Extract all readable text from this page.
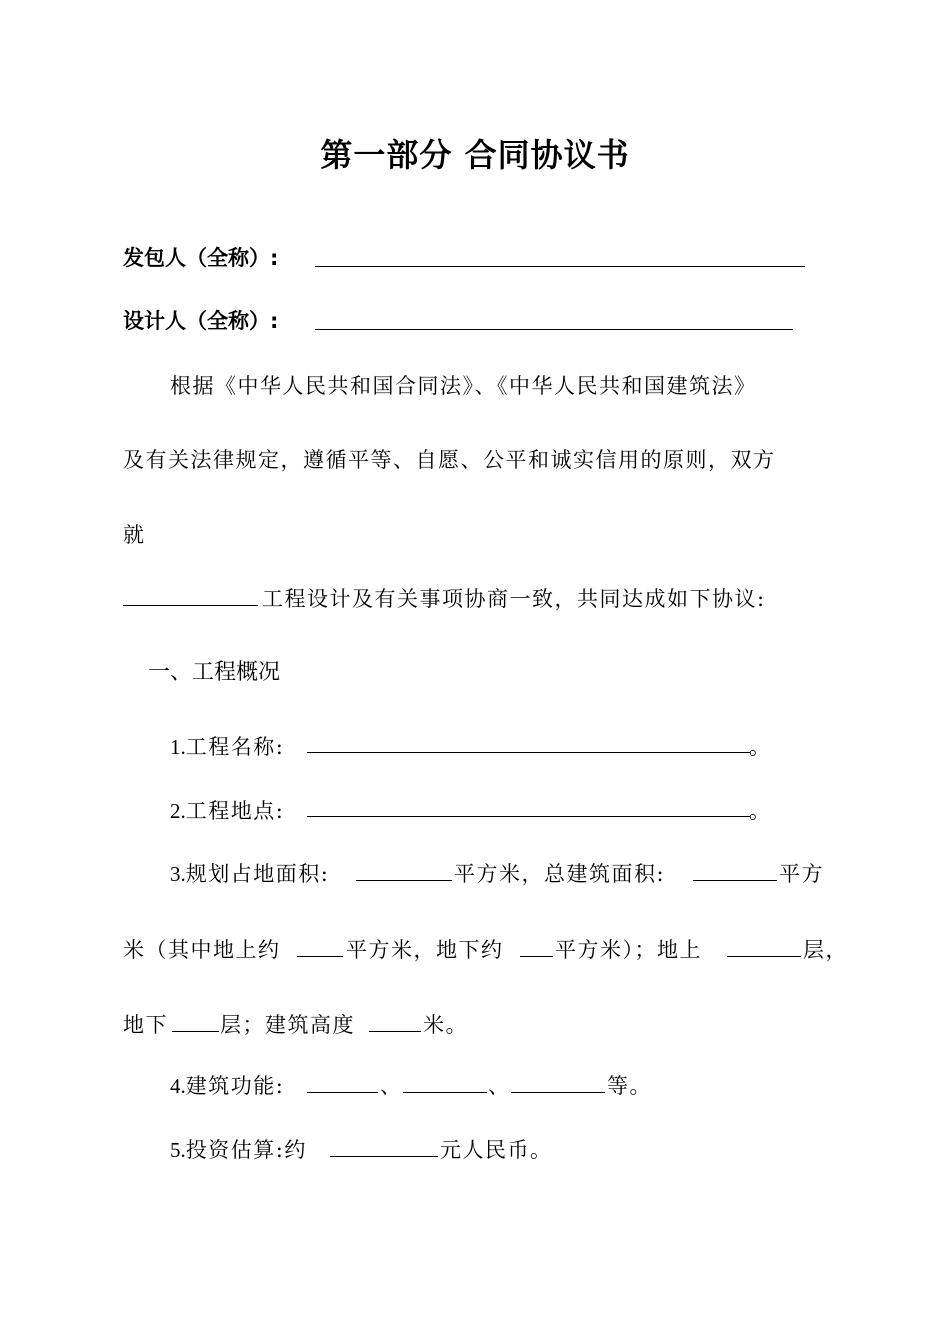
第一部分 合同协议书
发包人（全称）:
设计人（全称）:
根据《中华人民共和国合同法》、《中华人民共和国建筑法》
及有关法律规定，遵循平等、自愿、公平和诚实信用的原则，双方
就
工程设计及有关事项协商一致，共同达成如下协议:
一、工程概况
1.工程名称:	。
2.工程地点:	。
3.规划占地面积:	平方米，总建筑面积:	平方
米（其中地上约	平方米，地下约 平方米）；地上	层，
地下 层；建筑高度	米。
4.建筑功能:	、	、	等。
5.投资估算:约	元人民币。
